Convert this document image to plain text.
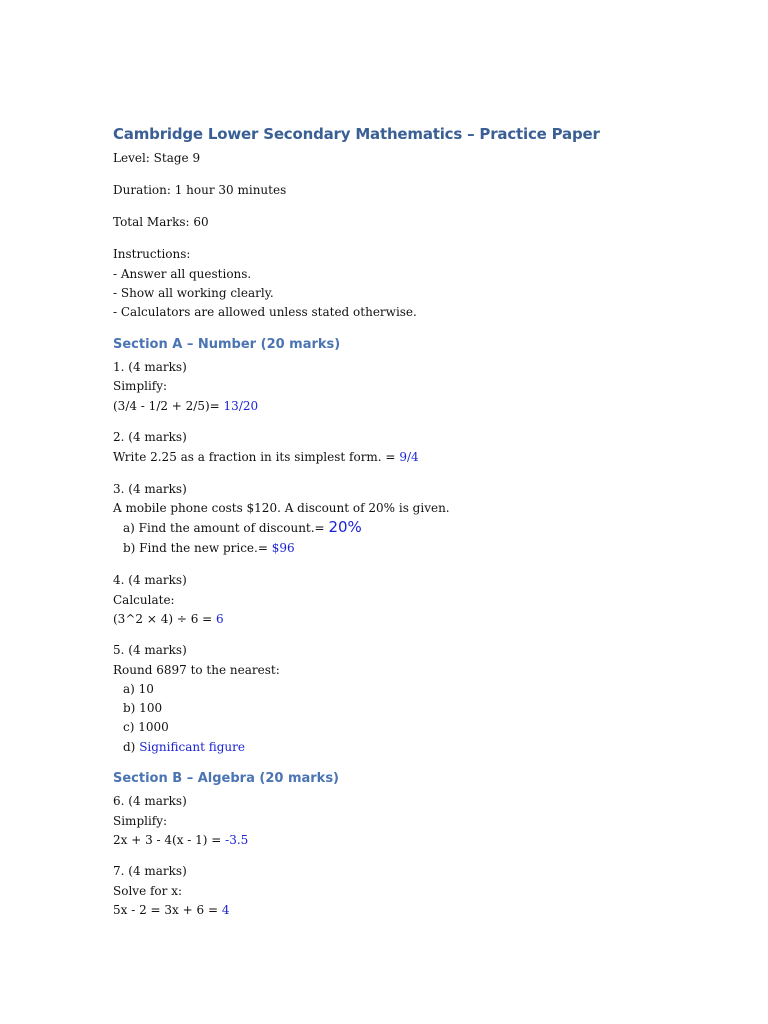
Cambridge Lower Secondary Mathematics – Practice Paper
Level: Stage 9
Duration: 1 hour 30 minutes
Total Marks: 60
Instructions:
- Answer all questions.
- Show all working clearly.
- Calculators are allowed unless stated otherwise.
Section A – Number (20 marks)
1. (4 marks)
Simplify:
(3/4 - 1/2 + 2/5)= 13/20
2. (4 marks)
Write 2.25 as a fraction in its simplest form. = 9/4
3. (4 marks)
A mobile phone costs $120. A discount of 20% is given.
a) Find the amount of discount.= 20%
b) Find the new price.= $96
4. (4 marks)
Calculate:
(3^2 × 4) ÷ 6 = 6
5. (4 marks)
Round 6897 to the nearest:
a) 10
b) 100
c) 1000
d) Significant figure
Section B – Algebra (20 marks)
6. (4 marks)
Simplify:
2x + 3 - 4(x - 1) = -3.5
7. (4 marks)
Solve for x:
5x - 2 = 3x + 6 = 4
